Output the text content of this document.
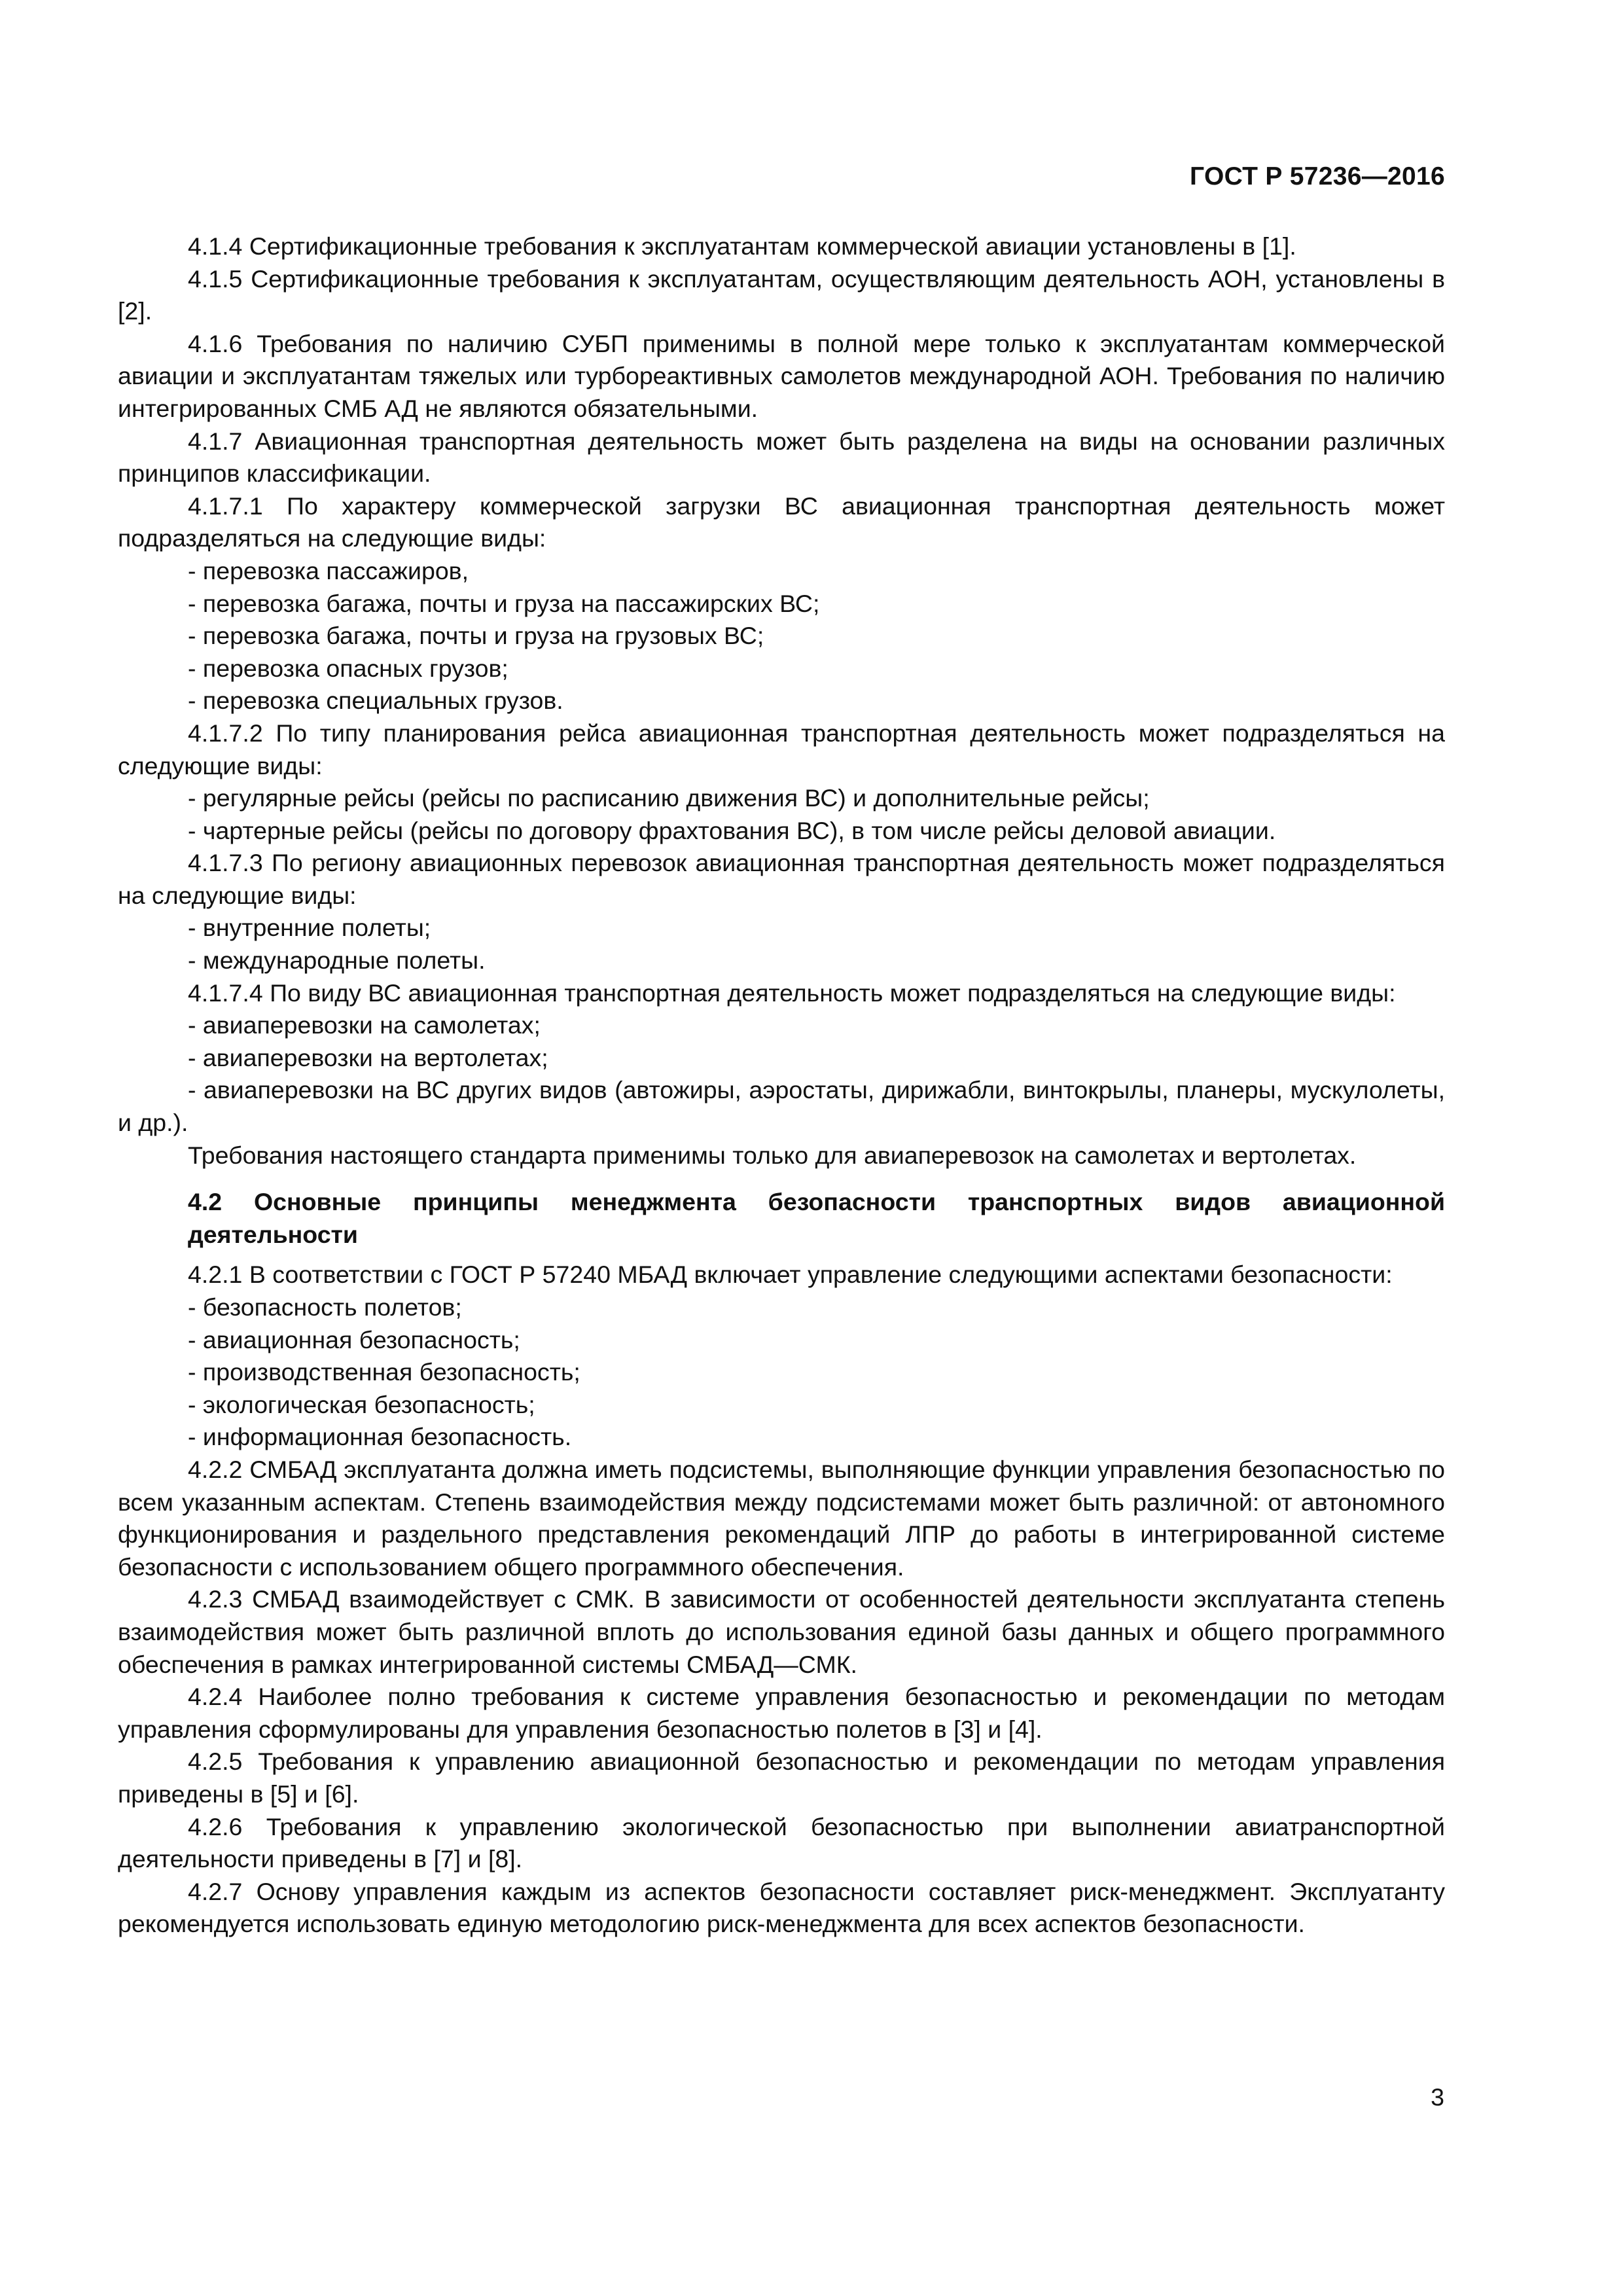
ГОСТ Р 57236—2016

4.1.4 Сертификационные требования к эксплуатантам коммерческой авиации установлены в [1].

4.1.5 Сертификационные требования к эксплуатантам, осуществляющим деятельность АОН, установлены в [2].

4.1.6 Требования по наличию СУБП применимы в полной мере только к эксплуатантам коммерческой авиации и эксплуатантам тяжелых или турбореактивных самолетов международной АОН. Требования по наличию интегрированных СМБ АД не являются обязательными.

4.1.7 Авиационная транспортная деятельность может быть разделена на виды на основании различных принципов классификации.

4.1.7.1 По характеру коммерческой загрузки ВС авиационная транспортная деятельность может подразделяться на следующие виды:

- перевозка пассажиров,

- перевозка багажа, почты и груза на пассажирских ВС;

- перевозка багажа, почты и груза на грузовых ВС;

- перевозка опасных грузов;

- перевозка специальных грузов.

4.1.7.2 По типу планирования рейса авиационная транспортная деятельность может подразделяться на следующие виды:

- регулярные рейсы (рейсы по расписанию движения ВС) и дополнительные рейсы;

- чартерные рейсы (рейсы по договору фрахтования ВС), в том числе рейсы деловой авиации.

4.1.7.3 По региону авиационных перевозок авиационная транспортная деятельность может подразделяться на следующие виды:

- внутренние полеты;

- международные полеты.

4.1.7.4 По виду ВС авиационная транспортная деятельность может подразделяться на следующие виды:

- авиаперевозки на самолетах;

- авиаперевозки на вертолетах;

- авиаперевозки на ВС других видов (автожиры, аэростаты, дирижабли, винтокрылы, планеры, мускулолеты, и др.).

Требования настоящего стандарта применимы только для авиаперевозок на самолетах и вертолетах.

4.2 Основные принципы менеджмента безопасности транспортных видов авиационной деятельности

4.2.1 В соответствии с ГОСТ Р 57240 МБАД включает управление следующими аспектами безопасности:

- безопасность полетов;

- авиационная безопасность;

- производственная безопасность;

- экологическая безопасность;

- информационная безопасность.

4.2.2 СМБАД эксплуатанта должна иметь подсистемы, выполняющие функции управления безопасностью по всем указанным аспектам. Степень взаимодействия между подсистемами может быть различной: от автономного функционирования и раздельного представления рекомендаций ЛПР до работы в интегрированной системе безопасности с использованием общего программного обеспечения.

4.2.3 СМБАД взаимодействует с СМК. В зависимости от особенностей деятельности эксплуатанта степень взаимодействия может быть различной вплоть до использования единой базы данных и общего программного обеспечения в рамках интегрированной системы СМБАД—СМК.

4.2.4 Наиболее полно требования к системе управления безопасностью и рекомендации по методам управления сформулированы для управления безопасностью полетов в [3] и [4].

4.2.5 Требования к управлению авиационной безопасностью и рекомендации по методам управления приведены в [5] и [6].

4.2.6 Требования к управлению экологической безопасностью при выполнении авиатранспортной деятельности приведены в [7] и [8].

4.2.7 Основу управления каждым из аспектов безопасности составляет риск-менеджмент. Эксплуатанту рекомендуется использовать единую методологию риск-менеджмента для всех аспектов безопасности.

3
